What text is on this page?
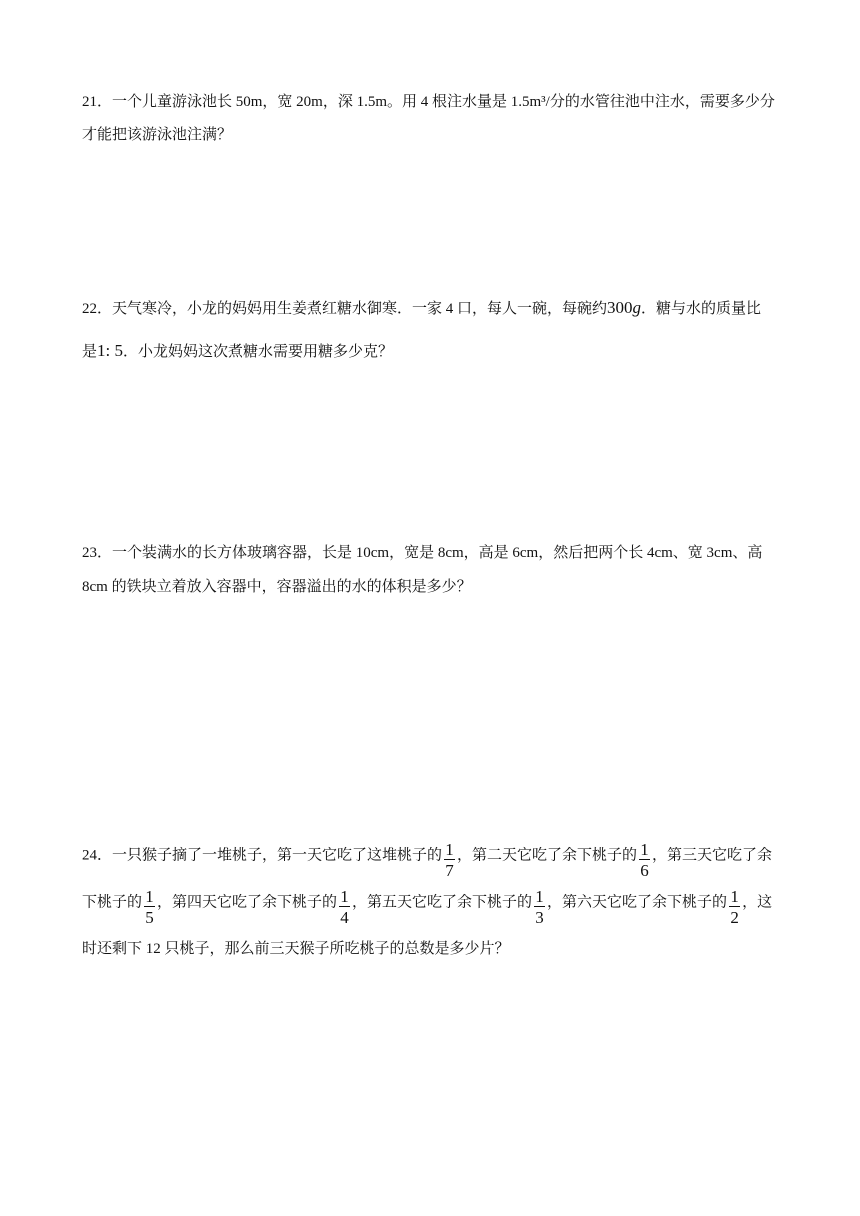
21．一个儿童游泳池长 50m，宽 20m，深 1.5m。用 4 根注水量是 1.5m³/分的水管往池中注水，需要多少分
才能把该游泳池注满？
22．天气寒冷，小龙的妈妈用生姜煮红糖水御寒．一家 4 口，每人一碗，每碗约300g．糖与水的质量比
是1: 5．小龙妈妈这次煮糖水需要用糖多少克？
23．一个装满水的长方体玻璃容器，长是 10cm，宽是 8cm，高是 6cm，然后把两个长 4cm、宽 3cm、高
8cm 的铁块立着放入容器中，容器溢出的水的体积是多少？
24．一只猴子摘了一堆桃子，第一天它吃了这堆桃子的 $\frac{1}{7}$ ，第二天它吃了余下桃子的 $\frac{1}{6}$ ，第三天它吃了余
下桃子的 $\frac{1}{5}$ ，第四天它吃了余下桃子的 $\frac{1}{4}$ ，第五天它吃了余下桃子的 $\frac{1}{3}$ ，第六天它吃了余下桃子的 $\frac{1}{2}$ ，这
时还剩下 12 只桃子，那么前三天猴子所吃桃子的总数是多少片？
